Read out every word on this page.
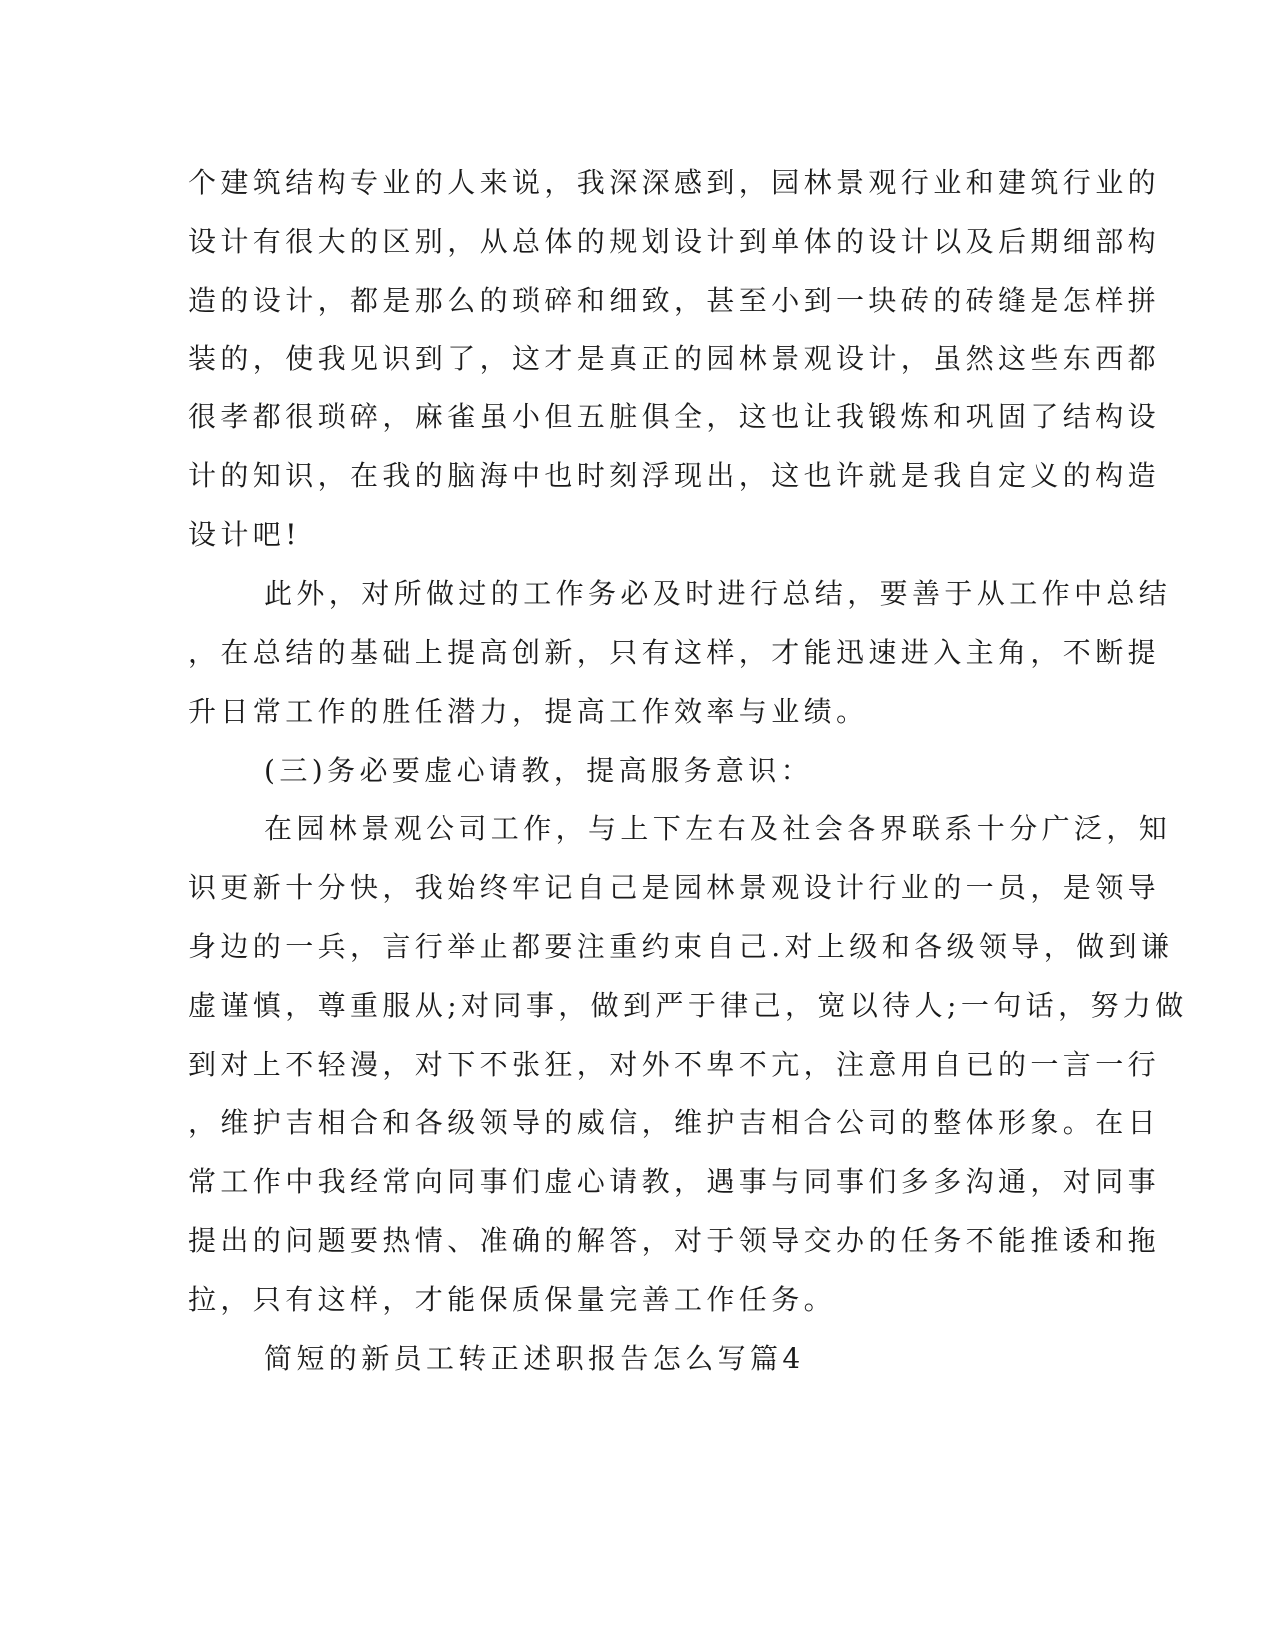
个建筑结构专业的人来说，我深深感到，园林景观行业和建筑行业的
设计有很大的区别，从总体的规划设计到单体的设计以及后期细部构
造的设计，都是那么的琐碎和细致，甚至小到一块砖的砖缝是怎样拼
装的，使我见识到了，这才是真正的园林景观设计，虽然这些东西都
很孝都很琐碎，麻雀虽小但五脏俱全，这也让我锻炼和巩固了结构设
计的知识，在我的脑海中也时刻浮现出，这也许就是我自定义的构造
设计吧!
此外，对所做过的工作务必及时进行总结，要善于从工作中总结
，在总结的基础上提高创新，只有这样，才能迅速进入主角，不断提
升日常工作的胜任潜力，提高工作效率与业绩。
(三)务必要虚心请教，提高服务意识：
在园林景观公司工作，与上下左右及社会各界联系十分广泛，知
识更新十分快，我始终牢记自己是园林景观设计行业的一员，是领导
身边的一兵，言行举止都要注重约束自己.对上级和各级领导，做到谦
虚谨慎，尊重服从;对同事，做到严于律己，宽以待人;一句话，努力做
到对上不轻漫，对下不张狂，对外不卑不亢，注意用自已的一言一行
，维护吉相合和各级领导的威信，维护吉相合公司的整体形象。在日
常工作中我经常向同事们虚心请教，遇事与同事们多多沟通，对同事
提出的问题要热情、准确的解答，对于领导交办的任务不能推诿和拖
拉，只有这样，才能保质保量完善工作任务。
简短的新员工转正述职报告怎么写篇4
